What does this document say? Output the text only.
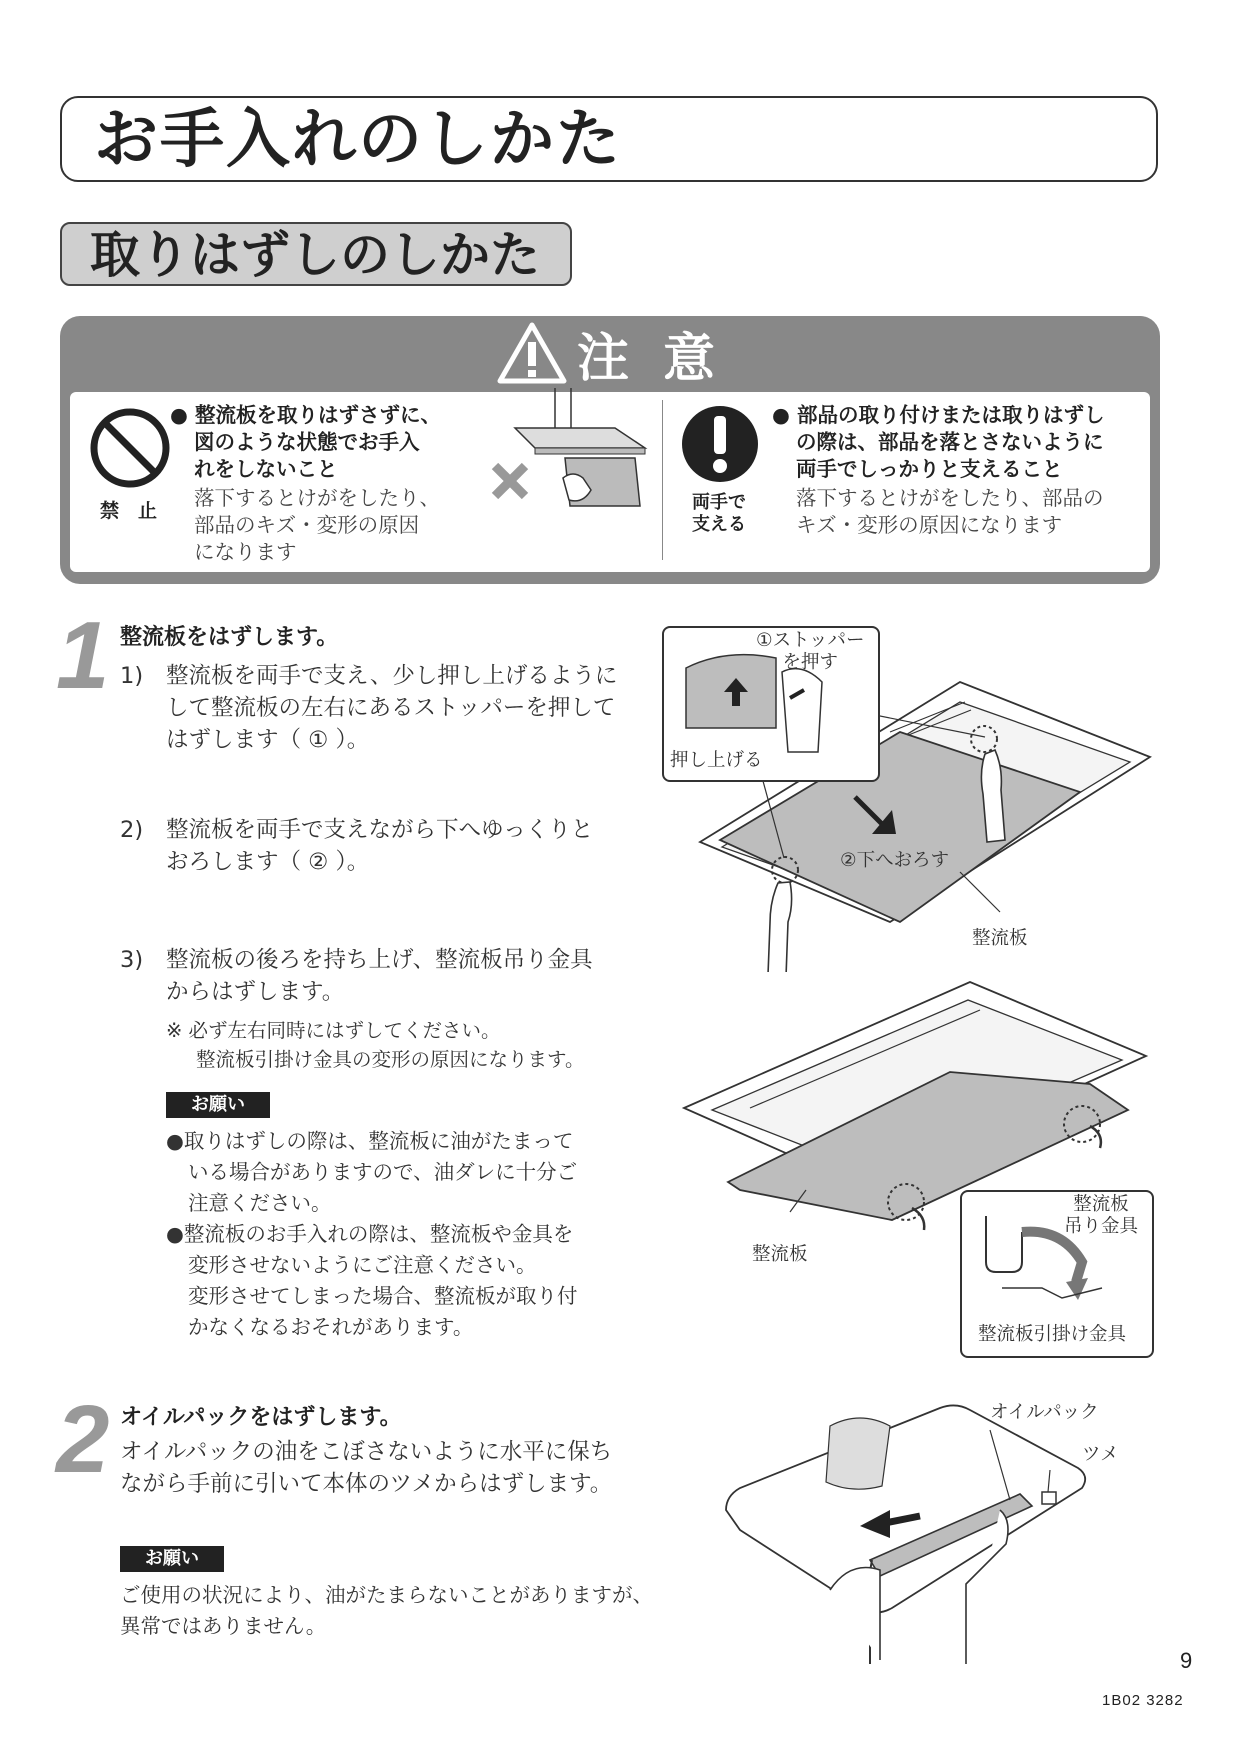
お手入れのしかた
取りはずしのしかた
注 意
禁　止
● 整流板を取りはずさずに、
図のような状態でお手入
れをしないこと
落下するとけがをしたり、
部品のキズ・変形の原因
になります
両手で
支える
● 部品の取り付けまたは取りはずし
の際は、部品を落とさないように
両手でしっかりと支えること
落下するとけがをしたり、部品の
キズ・変形の原因になります
1 整流板をはずします。
1) 整流板を両手で支え、少し押し上げるように
して整流板の左右にあるストッパーを押して
はずします（ ① ）。
2) 整流板を両手で支えながら下へゆっくりと
おろします（ ② ）。
3) 整流板の後ろを持ち上げ、整流板吊り金具
からはずします。
※ 必ず左右同時にはずしてください。
整流板引掛け金具の変形の原因になります。
お願い
●取りはずしの際は、整流板に油がたまって
いる場合がありますので、油ダレに十分ご
注意ください。
●整流板のお手入れの際は、整流板や金具を
変形させないようにご注意ください。
変形させてしまった場合、整流板が取り付
かなくなるおそれがあります。
①ストッパー
を押す
押し上げる
②下へおろす
整流板
整流板
吊り金具
整流板引掛け金具
整流板
2 オイルパックをはずします。
オイルパックの油をこぼさないように水平に保ち
ながら手前に引いて本体のツメからはずします。
お願い
ご使用の状況により、油がたまらないことがありますが、
異常ではありません。
オイルパック
ツメ
9
1B02 3282
